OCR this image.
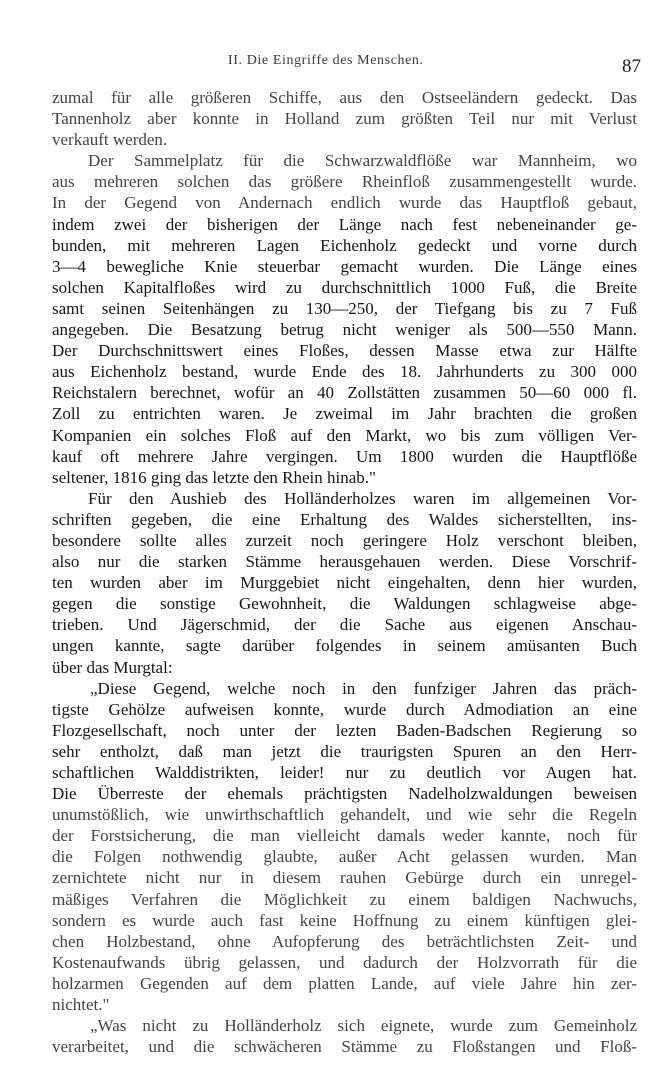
II. Die Eingriffe des Menschen.	87
zumal für alle größeren Schiffe, aus den Ostseeländern gedeckt. Das
Tannenholz aber konnte in Holland zum größten Teil nur mit Verlust
verkauft werden.
Der Sammelplatz für die Schwarzwaldflöße war Mannheim, wo
aus mehreren solchen das größere Rheinfloß zusammengestellt wurde.
In der Gegend von Andernach endlich wurde das Hauptfloß gebaut,
indem zwei der bisherigen der Länge nach fest nebeneinander ge-
bunden, mit mehreren Lagen Eichenholz gedeckt und vorne durch
3—4 bewegliche Knie steuerbar gemacht wurden. Die Länge eines
solchen Kapitalfloßes wird zu durchschnittlich 1000 Fuß, die Breite
samt seinen Seitenhängen zu 130—250, der Tiefgang bis zu 7 Fuß
angegeben. Die Besatzung betrug nicht weniger als 500—550 Mann.
Der Durchschnittswert eines Floßes, dessen Masse etwa zur Hälfte
aus Eichenholz bestand, wurde Ende des 18. Jahrhunderts zu 300 000
Reichstalern berechnet, wofür an 40 Zollstätten zusammen 50—60 000 fl.
Zoll zu entrichten waren. Je zweimal im Jahr brachten die großen
Kompanien ein solches Floß auf den Markt, wo bis zum völligen Ver-
kauf oft mehrere Jahre vergingen. Um 1800 wurden die Hauptflöße
seltener, 1816 ging das letzte den Rhein hinab."
Für den Aushieb des Holländerholzes waren im allgemeinen Vor-
schriften gegeben, die eine Erhaltung des Waldes sicherstellten, ins-
besondere sollte alles zurzeit noch geringere Holz verschont bleiben,
also nur die starken Stämme herausgehauen werden. Diese Vorschrif-
ten wurden aber im Murggebiet nicht eingehalten, denn hier wurden,
gegen die sonstige Gewohnheit, die Waldungen schlagweise abge-
trieben. Und Jägerschmid, der die Sache aus eigenen Anschau-
ungen kannte, sagte darüber folgendes in seinem amüsanten Buch
über das Murgtal:
„Diese Gegend, welche noch in den funfziger Jahren das präch-
tigste Gehölze aufweisen konnte, wurde durch Admodiation an eine
Flozgesellschaft, noch unter der lezten Baden-Badschen Regierung so
sehr entholzt, daß man jetzt die traurigsten Spuren an den Herr-
schaftlichen Walddistrikten, leider! nur zu deutlich vor Augen hat.
Die Überreste der ehemals prächtigsten Nadelholzwaldungen beweisen
unumstößlich, wie unwirthschaftlich gehandelt, und wie sehr die Regeln
der Forstsicherung, die man vielleicht damals weder kannte, noch für
die Folgen nothwendig glaubte, außer Acht gelassen wurden. Man
zernichtete nicht nur in diesem rauhen Gebürge durch ein unregel-
mäßiges Verfahren die Möglichkeit zu einem baldigen Nachwuchs,
sondern es wurde auch fast keine Hoffnung zu einem künftigen glei-
chen Holzbestand, ohne Aufopferung des beträchtlichsten Zeit- und
Kostenaufwands übrig gelassen, und dadurch der Holzvorrath für die
holzarmen Gegenden auf dem platten Lande, auf viele Jahre hin zer-
nichtet."
„Was nicht zu Holländerholz sich eignete, wurde zum Gemeinholz
verarbeitet, und die schwächeren Stämme zu Floßstangen und Floß-
